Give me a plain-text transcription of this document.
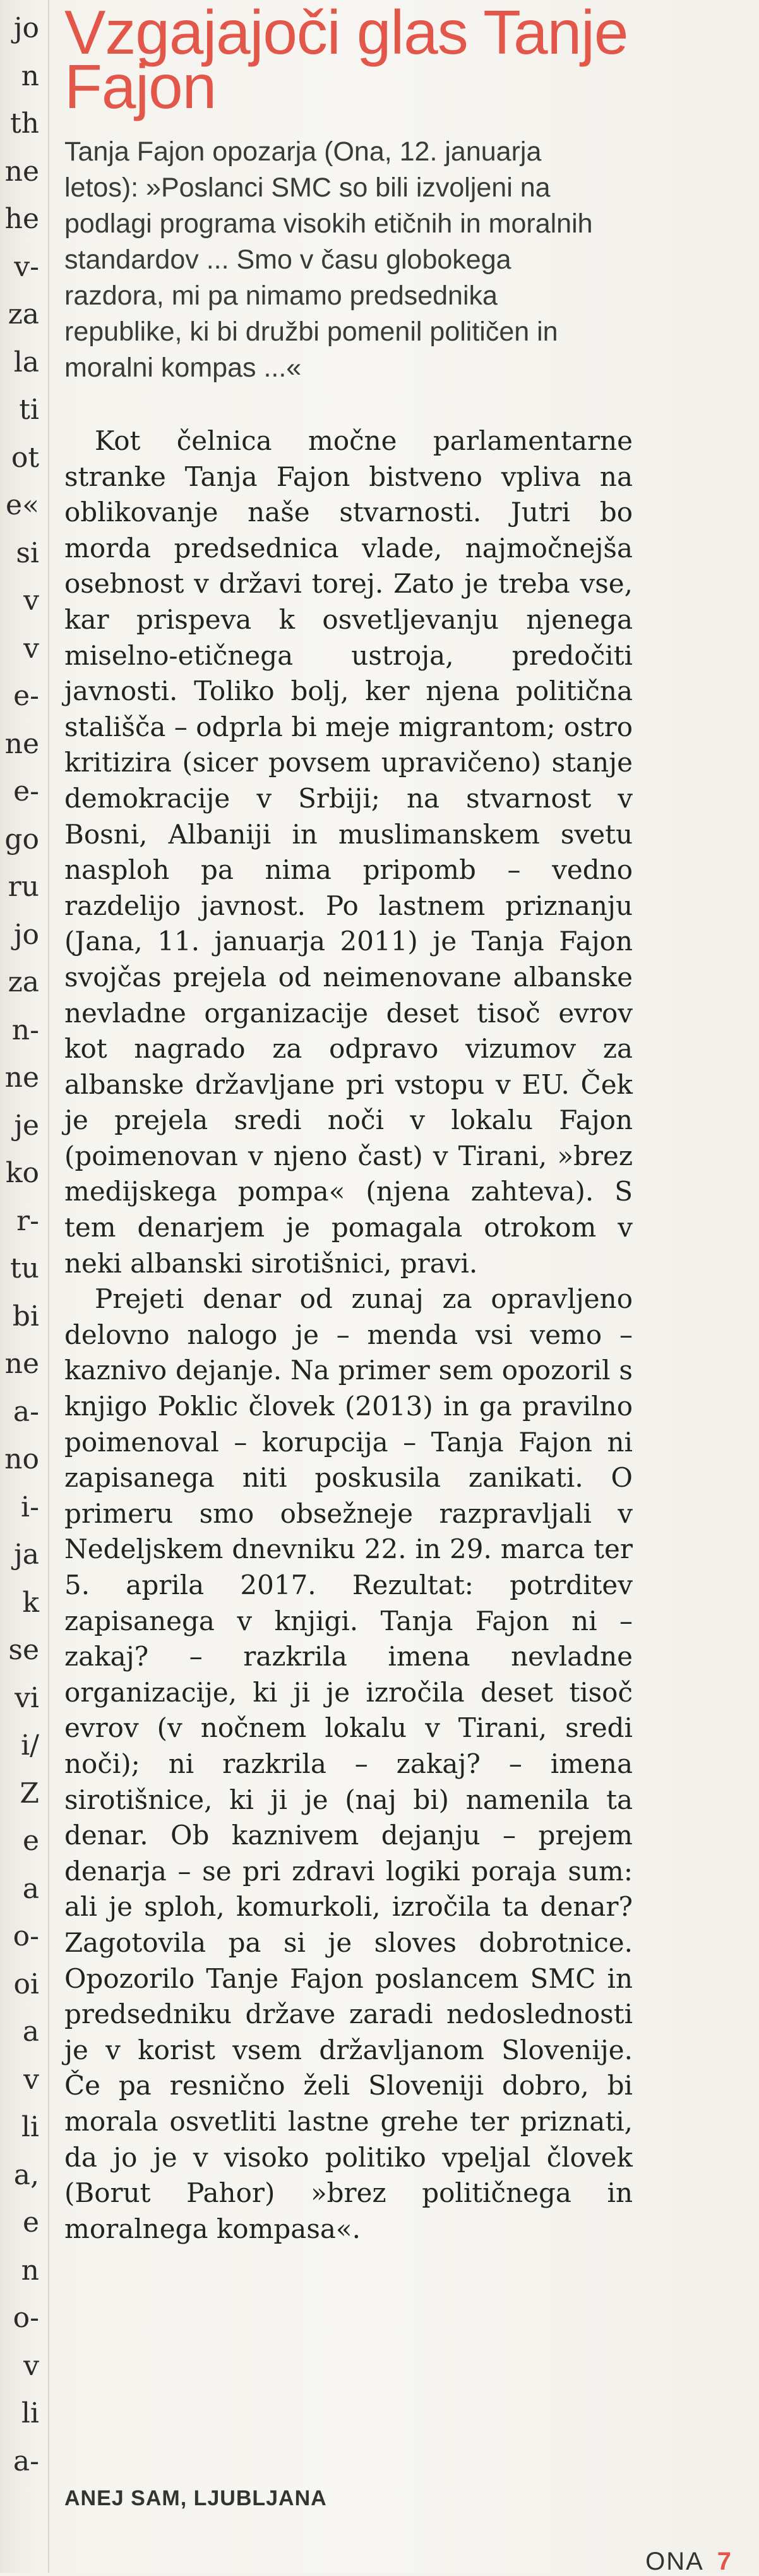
jo
n
th
ne
he
v-
za
la
ti
ot
e«
si
v
v
e-
ne
e-
go
ru
jo
za
n-
ne
je
ko
r-
tu
bi
ne
a-
no
i-
ja
k
se
vi
i/
Z
e
a
o-
oi
a
v
li
a,
e
n
o-
v
li
a-
Vzgajajoči glas Tanje Fajon

Tanja Fajon opozarja (Ona, 12. januarja letos): »Poslanci SMC so bili izvoljeni na podlagi programa visokih etičnih in moralnih standardov ... Smo v času globokega razdora, mi pa nimamo predsednika republike, ki bi družbi pomenil političen in moralni kompas ...«

Kot čelnica močne parlamentarne stranke Tanja Fajon bistveno vpliva na oblikovanje naše stvarnosti. Jutri bo morda predsednica vlade, najmočnejša osebnost v državi torej. Zato je treba vse, kar prispeva k osvetljevanju njenega miselno-etičnega ustroja, predočiti javnosti. Toliko bolj, ker njena politična stališča – odprla bi meje migrantom; ostro kritizira (sicer povsem upravičeno) stanje demokracije v Srbiji; na stvarnost v Bosni, Albaniji in muslimanskem svetu nasploh pa nima pripomb – vedno razdelijo javnost. Po lastnem priznanju (Jana, 11. januarja 2011) je Tanja Fajon svojčas prejela od neimenovane albanske nevladne organizacije deset tisoč evrov kot nagrado za odpravo vizumov za albanske državljane pri vstopu v EU. Ček je prejela sredi noči v lokalu Fajon (poimenovan v njeno čast) v Tirani, »brez medijskega pompa« (njena zahteva). S tem denarjem je pomagala otrokom v neki albanski sirotišnici, pravi.

Prejeti denar od zunaj za opravljeno delovno nalogo je – menda vsi vemo – kaznivo dejanje. Na primer sem opozoril s knjigo Poklic človek (2013) in ga pravilno poimenoval – korupcija – Tanja Fajon ni zapisanega niti poskusila zanikati. O primeru smo obsežneje razpravljali v Nedeljskem dnevniku 22. in 29. marca ter 5. aprila 2017. Rezultat: potrditev zapisanega v knjigi. Tanja Fajon ni – zakaj? – razkrila imena nevladne organizacije, ki ji je izročila deset tisoč evrov (v nočnem lokalu v Tirani, sredi noči); ni razkrila – zakaj? – imena sirotišnice, ki ji je (naj bi) namenila ta denar. Ob kaznivem dejanju – prejem denarja – se pri zdravi logiki poraja sum: ali je sploh, komurkoli, izročila ta denar? Zagotovila pa si je sloves dobrotnice. Opozorilo Tanje Fajon poslancem SMC in predsedniku države zaradi nedoslednosti je v korist vsem državljanom Slovenije. Če pa resnično želi Sloveniji dobro, bi morala osvetliti lastne grehe ter priznati, da jo je v visoko politiko vpeljal človek (Borut Pahor) »brez političnega in moralnega kompasa«.

ANEJ SAM, LJUBLJANA
ONA 7
